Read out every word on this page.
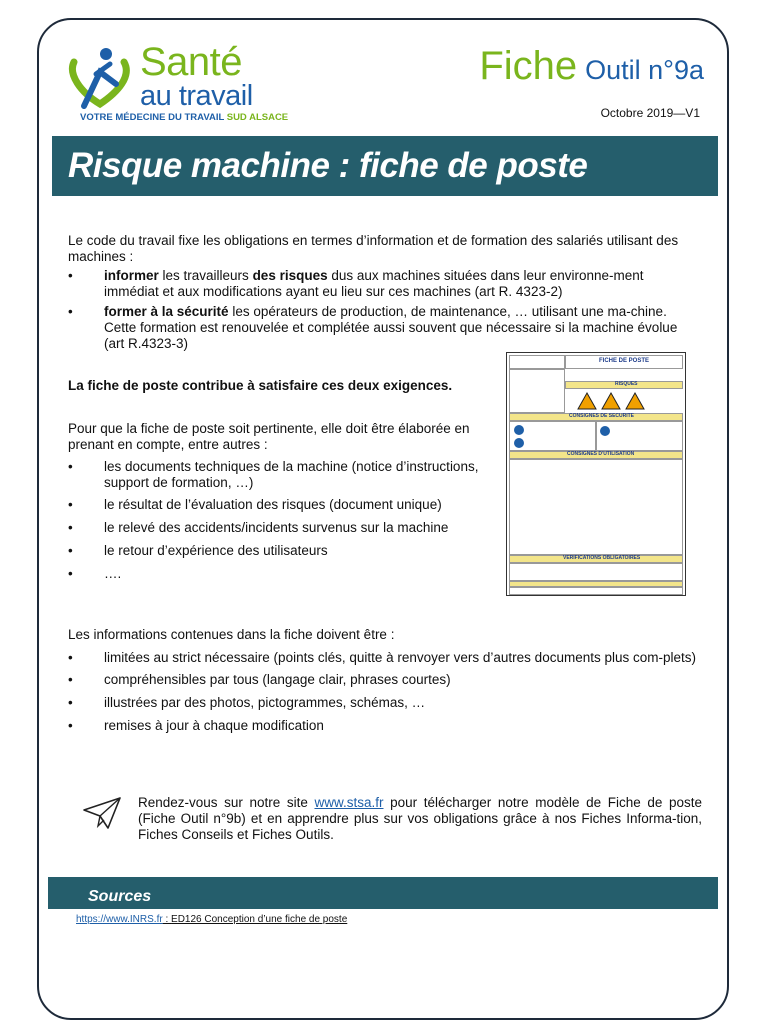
Santé
au travail
VOTRE MÉDECINE DU TRAVAIL SUD ALSACE
Fiche Outil n°9a
Octobre 2019—V1
Risque machine : fiche de poste
Le code du travail fixe les obligations en termes d’information et de formation des salariés utilisant des machines :
• informer les travailleurs des risques dus aux machines situées dans leur environne-ment immédiat et aux modifications ayant eu lieu sur ces machines (art R. 4323-2)
• former à la sécurité les opérateurs de production, de maintenance, … utilisant une ma-chine. Cette formation est renouvelée et complétée aussi souvent que nécessaire si la machine évolue (art R.4323-3)
La fiche de poste contribue à satisfaire ces deux exigences.
Pour que la fiche de poste soit pertinente, elle doit être élaborée en prenant en compte, entre autres :
• les documents techniques de la machine (notice d’instructions, support de formation, …)
• le résultat de l’évaluation des risques (document unique)
• le relevé des accidents/incidents survenus sur la machine
• le retour d’expérience des utilisateurs
• ….
FICHE DE POSTE
RISQUES
CONSIGNES DE SECURITE
CONSIGNES D'UTILISATION
VERIFICATIONS OBLIGATOIRES
Les informations contenues dans la fiche doivent être :
• limitées au strict nécessaire (points clés, quitte à renvoyer vers d’autres documents plus com-plets)
• compréhensibles par tous (langage clair, phrases courtes)
• illustrées par des photos, pictogrammes, schémas, …
• remises à jour à chaque modification
Rendez-vous sur notre site www.stsa.fr pour télécharger notre modèle de Fiche de poste (Fiche Outil n°9b) et en apprendre plus sur vos obligations grâce à nos Fiches Informa-tion, Fiches Conseils et Fiches Outils.
Sources
https://www.INRS.fr : ED126 Conception d’une fiche de poste
